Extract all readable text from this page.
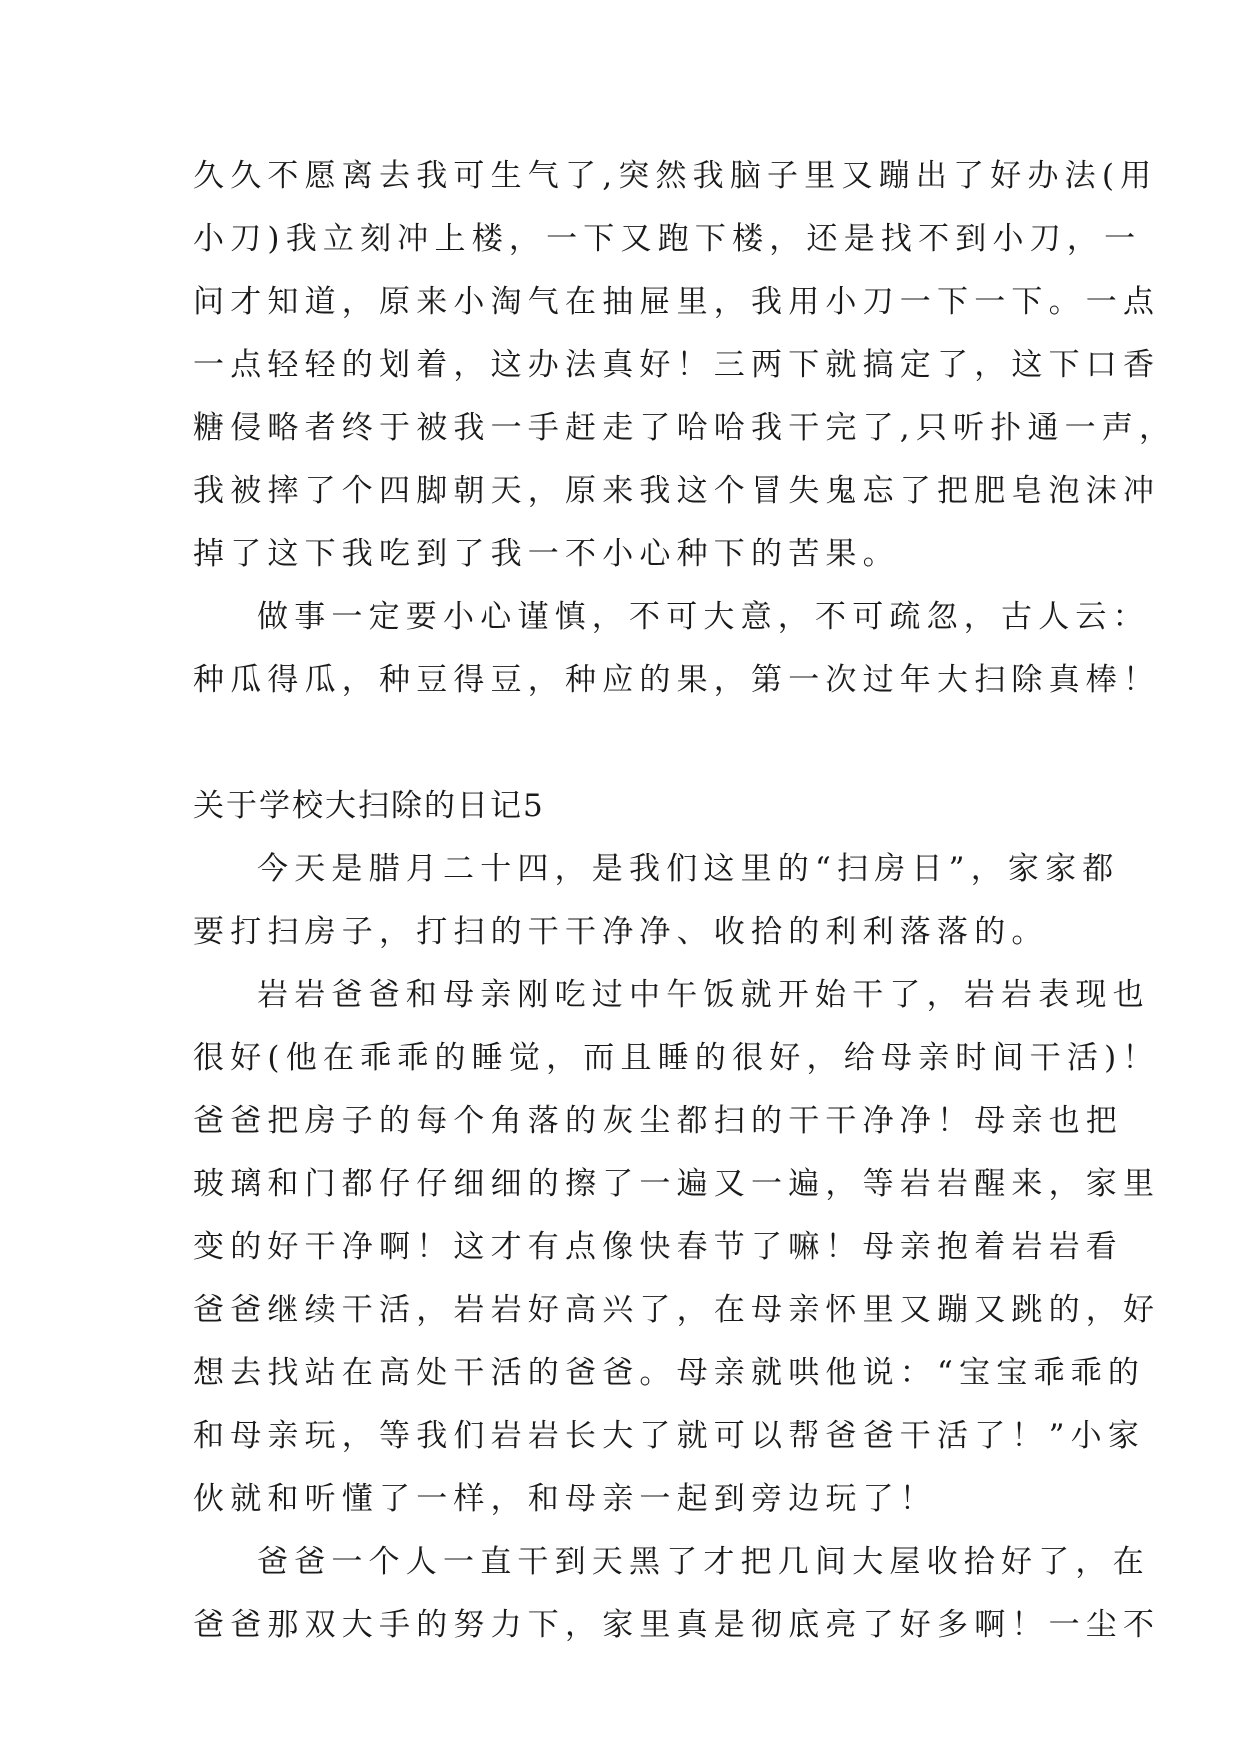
久久不愿离去我可生气了,突然我脑子里又蹦出了好办法(用
小刀)我立刻冲上楼，一下又跑下楼，还是找不到小刀，一
问才知道，原来小淘气在抽屉里，我用小刀一下一下。一点
一点轻轻的划着，这办法真好！三两下就搞定了，这下口香
糖侵略者终于被我一手赶走了哈哈我干完了,只听扑通一声，
我被摔了个四脚朝天，原来我这个冒失鬼忘了把肥皂泡沫冲
掉了这下我吃到了我一不小心种下的苦果。
做事一定要小心谨慎，不可大意，不可疏忽，古人云：
种瓜得瓜，种豆得豆，种应的果，第一次过年大扫除真棒！
关于学校大扫除的日记5
今天是腊月二十四，是我们这里的“扫房日”，家家都
要打扫房子，打扫的干干净净、收拾的利利落落的。
岩岩爸爸和母亲刚吃过中午饭就开始干了，岩岩表现也
很好(他在乖乖的睡觉，而且睡的很好，给母亲时间干活)！
爸爸把房子的每个角落的灰尘都扫的干干净净！母亲也把
玻璃和门都仔仔细细的擦了一遍又一遍，等岩岩醒来，家里
变的好干净啊！这才有点像快春节了嘛！母亲抱着岩岩看
爸爸继续干活，岩岩好高兴了，在母亲怀里又蹦又跳的，好
想去找站在高处干活的爸爸。母亲就哄他说：“宝宝乖乖的
和母亲玩，等我们岩岩长大了就可以帮爸爸干活了！”小家
伙就和听懂了一样，和母亲一起到旁边玩了！
爸爸一个人一直干到天黑了才把几间大屋收拾好了，在
爸爸那双大手的努力下，家里真是彻底亮了好多啊！一尘不
